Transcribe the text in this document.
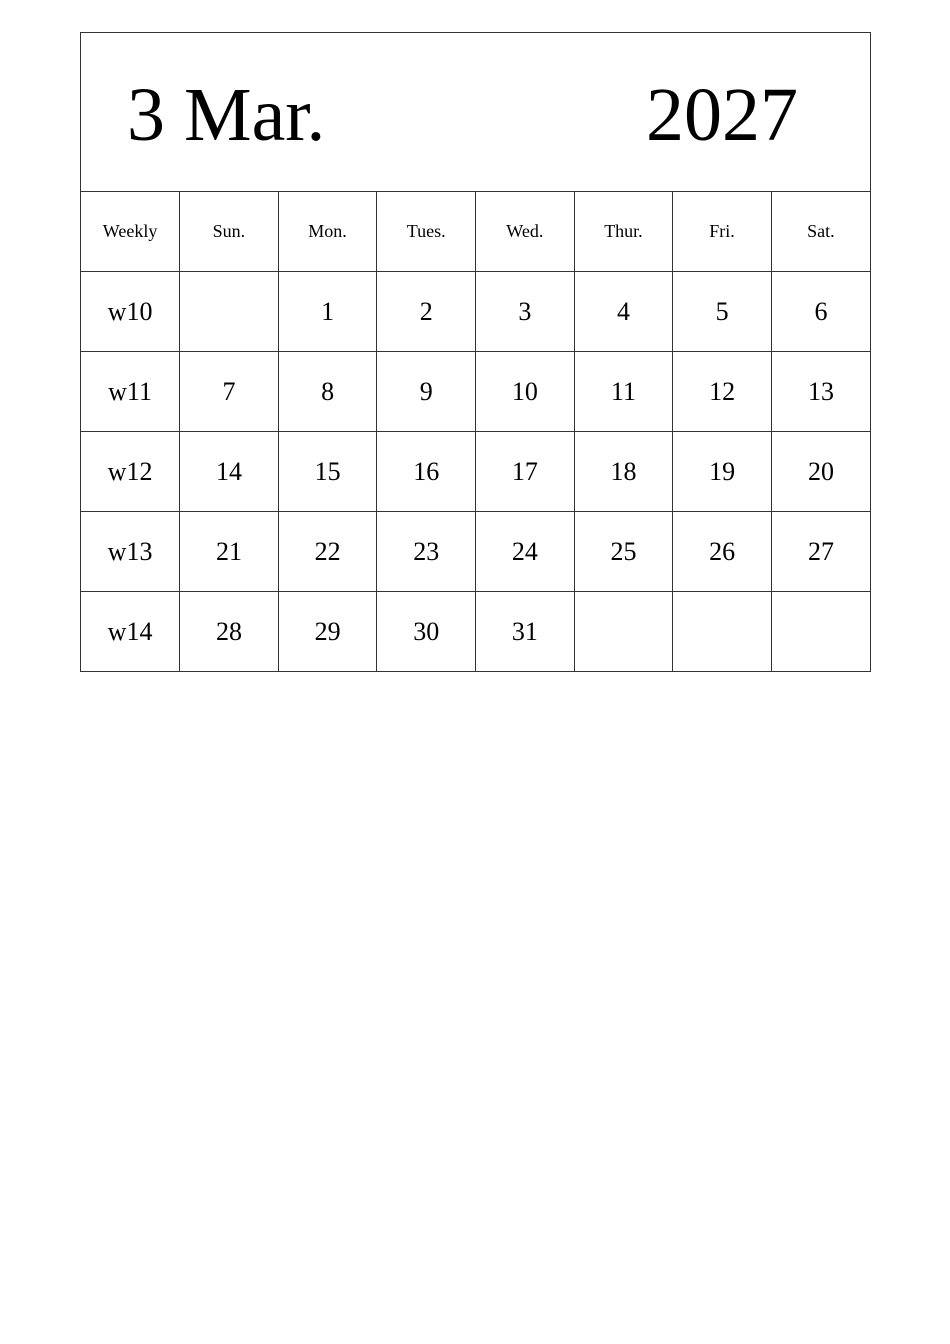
3 Mar.	2027
Weekly	Sun.	Mon.	Tues.	Wed.	Thur.	Fri.	Sat.
w10		1	2	3	4	5	6
w11	7	8	9	10	11	12	13
w12	14	15	16	17	18	19	20
w13	21	22	23	24	25	26	27
w14	28	29	30	31			
